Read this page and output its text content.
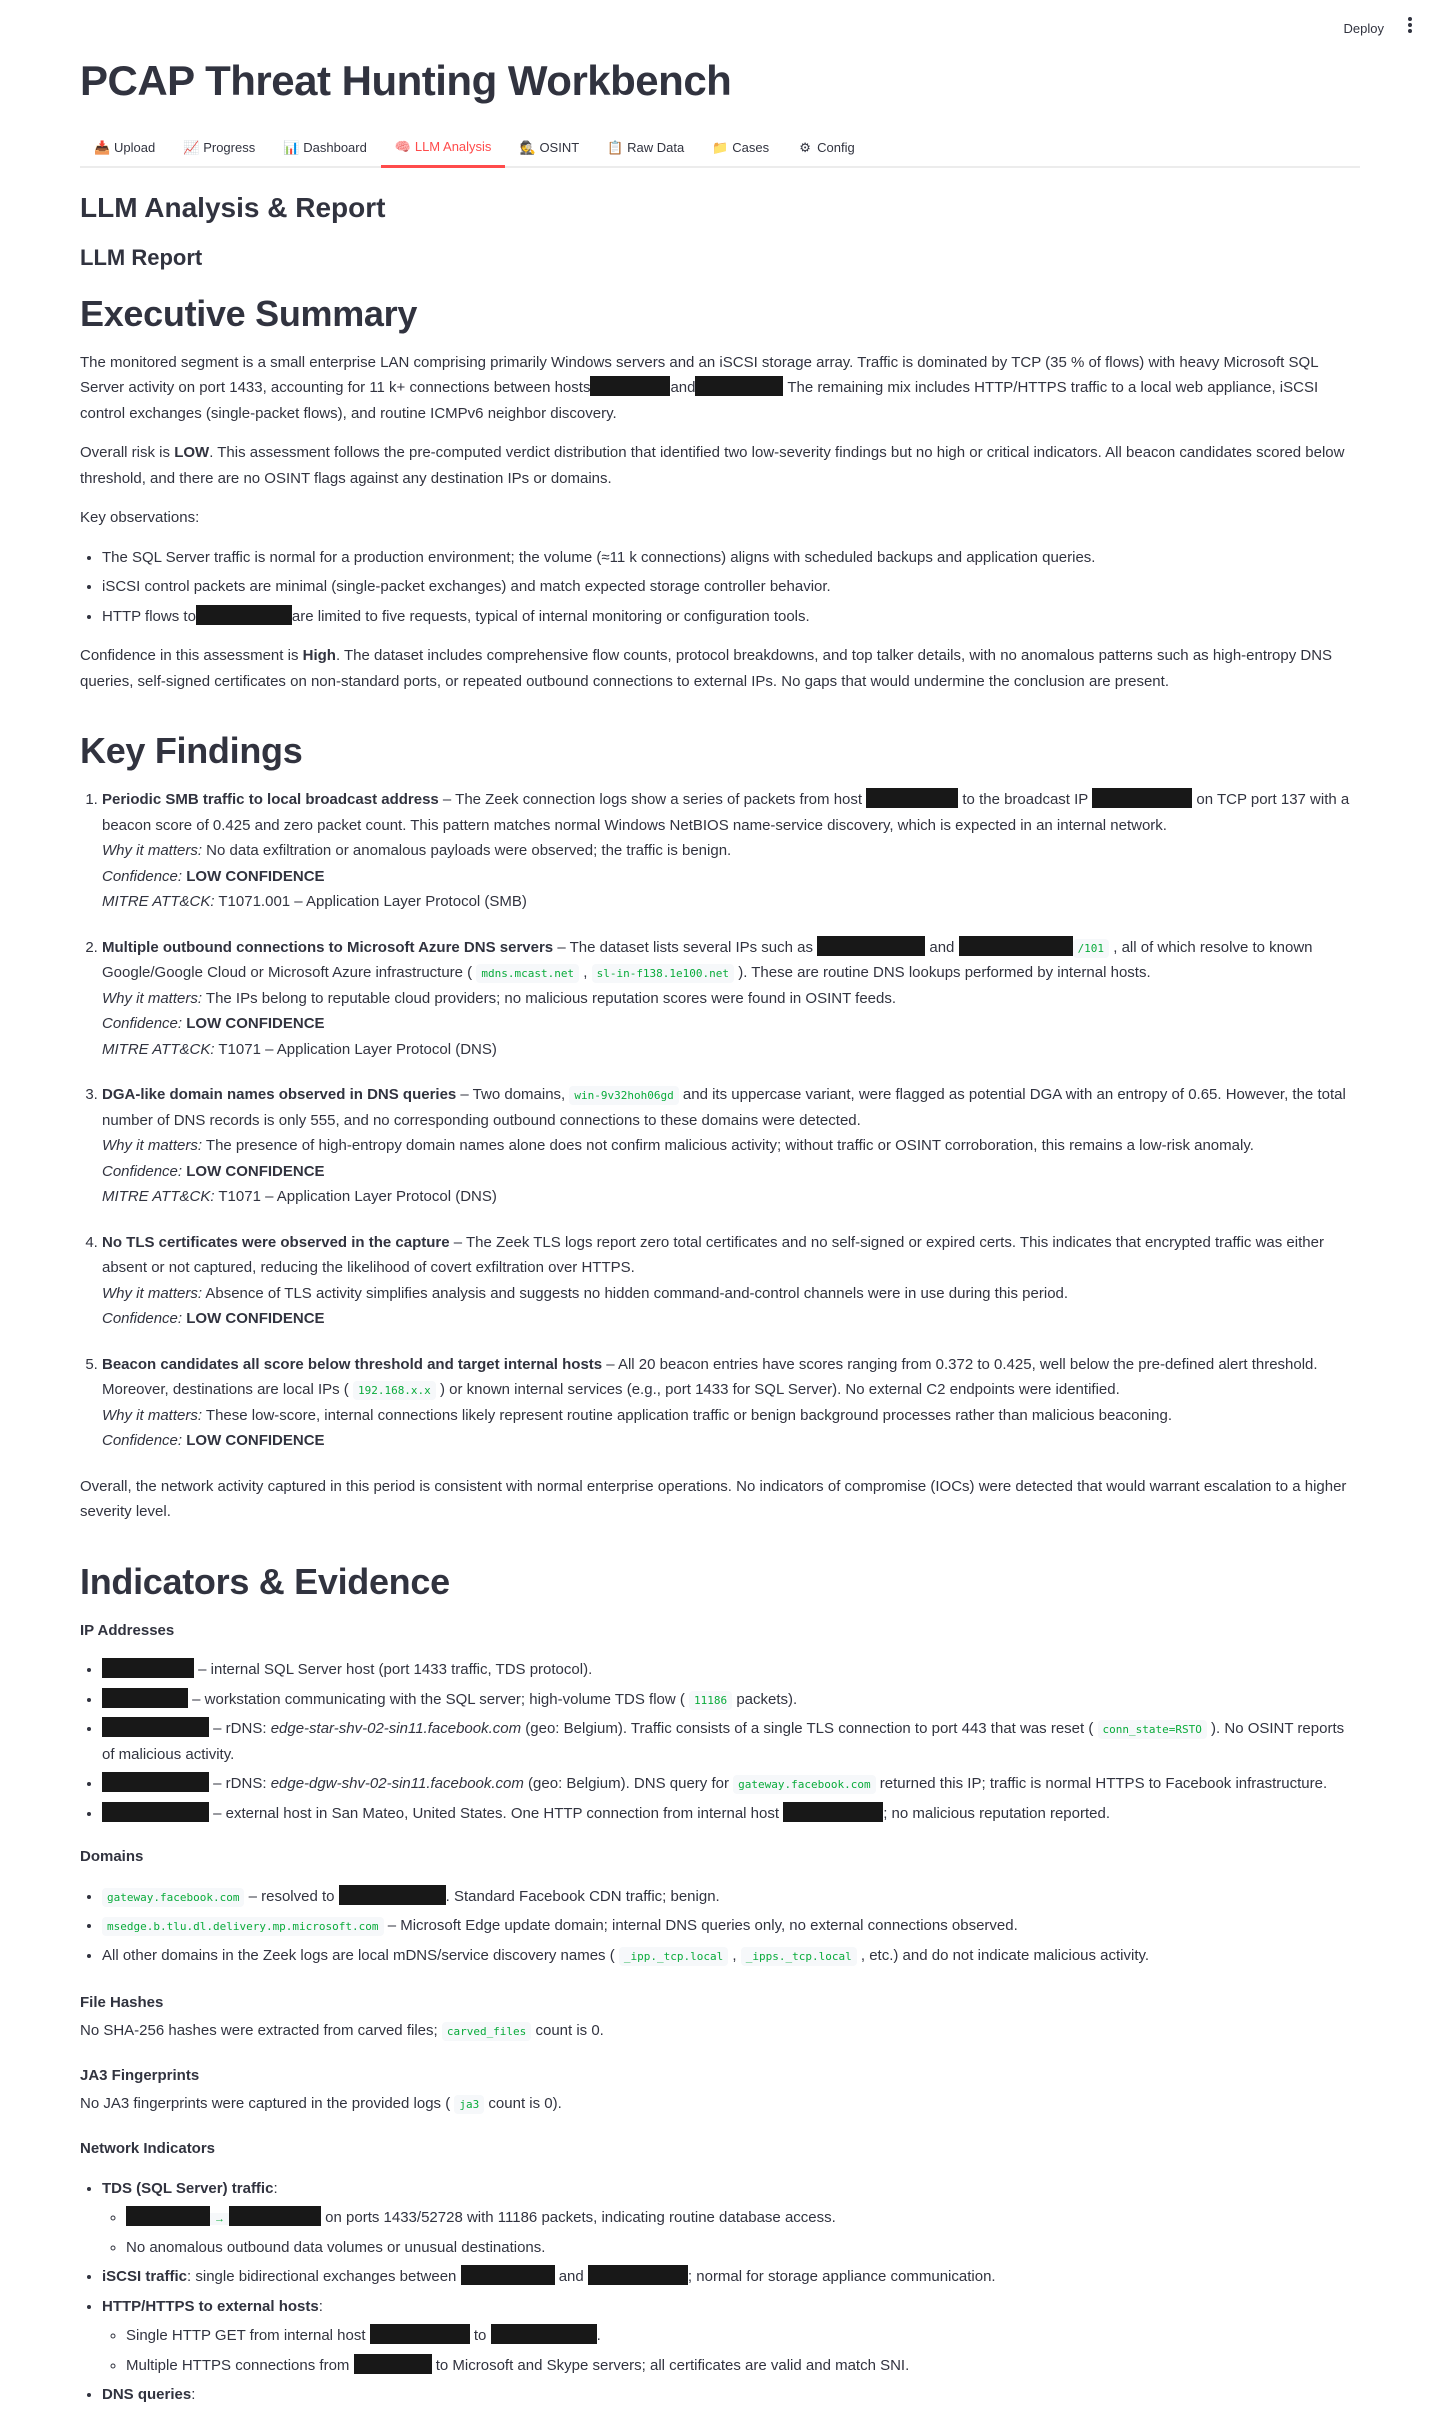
Deploy
PCAP Threat Hunting Workbench
📥 Upload 📈 Progress 📊 Dashboard 🧠 LLM Analysis 🕵 OSINT 📋 Raw Data 📁 Cases ⚙ Config
LLM Analysis & Report
LLM Report
Executive Summary

The monitored segment is a small enterprise LAN comprising primarily Windows servers and an iSCSI storage array. Traffic is dominated by TCP (35 % of flows) with heavy Microsoft SQL Server activity on port 1433, accounting for 11 k+ connections between hosts	and	The remaining mix includes HTTP/HTTPS traffic to a local web appliance, iSCSI control exchanges (single-packet flows), and routine ICMPv6 neighbor discovery.

Overall risk is LOW. This assessment follows the pre-computed verdict distribution that identified two low-severity findings but no high or critical indicators. All beacon candidates scored below threshold, and there are no OSINT flags against any destination IPs or domains.

Key observations:

• The SQL Server traffic is normal for a production environment; the volume (≈11 k connections) aligns with scheduled backups and application queries.
• iSCSI control packets are minimal (single-packet exchanges) and match expected storage controller behavior.
• HTTP flows to	are limited to five requests, typical of internal monitoring or configuration tools.

Confidence in this assessment is High. The dataset includes comprehensive flow counts, protocol breakdowns, and top talker details, with no anomalous patterns such as high-entropy DNS queries, self-signed certificates on non-standard ports, or repeated outbound connections to external IPs. No gaps that would undermine the conclusion are present.

Key Findings
1. Periodic SMB traffic to local broadcast address – The Zeek connection logs show a series of packets from host	to the broadcast IP	on TCP port 137 with a beacon score of 0.425 and zero packet count. This pattern matches normal Windows NetBIOS name-service discovery, which is expected in an internal network.
Why it matters: No data exfiltration or anomalous payloads were observed; the traffic is benign.
Confidence: LOW CONFIDENCE
MITRE ATT&CK: T1071.001 – Application Layer Protocol (SMB)
2. Multiple outbound connections to Microsoft Azure DNS servers – The dataset lists several IPs such as	and	/101 , all of which resolve to known Google/Google Cloud or Microsoft Azure infrastructure ( mdns.mcast.net , sl-in-f138.1e100.net ). These are routine DNS lookups performed by internal hosts.
Why it matters: The IPs belong to reputable cloud providers; no malicious reputation scores were found in OSINT feeds.
Confidence: LOW CONFIDENCE
MITRE ATT&CK: T1071 – Application Layer Protocol (DNS)
3. DGA-like domain names observed in DNS queries – Two domains, win-9v32hoh06gd and its uppercase variant, were flagged as potential DGA with an entropy of 0.65. However, the total number of DNS records is only 555, and no corresponding outbound connections to these domains were detected.
Why it matters: The presence of high-entropy domain names alone does not confirm malicious activity; without traffic or OSINT corroboration, this remains a low-risk anomaly.
Confidence: LOW CONFIDENCE
MITRE ATT&CK: T1071 – Application Layer Protocol (DNS)
4. No TLS certificates were observed in the capture – The Zeek TLS logs report zero total certificates and no self-signed or expired certs. This indicates that encrypted traffic was either absent or not captured, reducing the likelihood of covert exfiltration over HTTPS.
Why it matters: Absence of TLS activity simplifies analysis and suggests no hidden command-and-control channels were in use during this period.
Confidence: LOW CONFIDENCE
5. Beacon candidates all score below threshold and target internal hosts – All 20 beacon entries have scores ranging from 0.372 to 0.425, well below the pre-defined alert threshold. Moreover, destinations are local IPs ( 192.168.x.x ) or known internal services (e.g., port 1433 for SQL Server). No external C2 endpoints were identified.
Why it matters: These low-score, internal connections likely represent routine application traffic or benign background processes rather than malicious beaconing.
Confidence: LOW CONFIDENCE

Overall, the network activity captured in this period is consistent with normal enterprise operations. No indicators of compromise (IOCs) were detected that would warrant escalation to a higher severity level.

Indicators & Evidence
IP Addresses
• – internal SQL Server host (port 1433 traffic, TDS protocol).
• – workstation communicating with the SQL server; high-volume TDS flow ( 11186 packets).
• – rDNS: edge-star-shv-02-sin11.facebook.com (geo: Belgium). Traffic consists of a single TLS connection to port 443 that was reset ( conn_state=RSTO ). No OSINT reports of malicious activity.
• – rDNS: edge-dgw-shv-02-sin11.facebook.com (geo: Belgium). DNS query for gateway.facebook.com returned this IP; traffic is normal HTTPS to Facebook infrastructure.
• – external host in San Mateo, United States. One HTTP connection from internal host	; no malicious reputation reported.
Domains
• gateway.facebook.com – resolved to	. Standard Facebook CDN traffic; benign.
• msedge.b.tlu.dl.delivery.mp.microsoft.com – Microsoft Edge update domain; internal DNS queries only, no external connections observed.
• All other domains in the Zeek logs are local mDNS/service discovery names ( _ipp._tcp.local , _ipps._tcp.local , etc.) and do not indicate malicious activity.
File Hashes

No SHA-256 hashes were extracted from carved files; carved_files count is 0.

JA3 Fingerprints

No JA3 fingerprints were captured in the provided logs ( ja3 count is 0).

Network Indicators
• TDS (SQL Server) traffic:
◦ →	on ports 1433/52728 with 11186 packets, indicating routine database access.
◦ No anomalous outbound data volumes or unusual destinations.
• iSCSI traffic: single bidirectional exchanges between	and	; normal for storage appliance communication.
• HTTP/HTTPS to external hosts:
◦ Single HTTP GET from internal host	to	.
◦ Multiple HTTPS connections from	to Microsoft and Skype servers; all certificates are valid and match SNI.
• DNS queries:
